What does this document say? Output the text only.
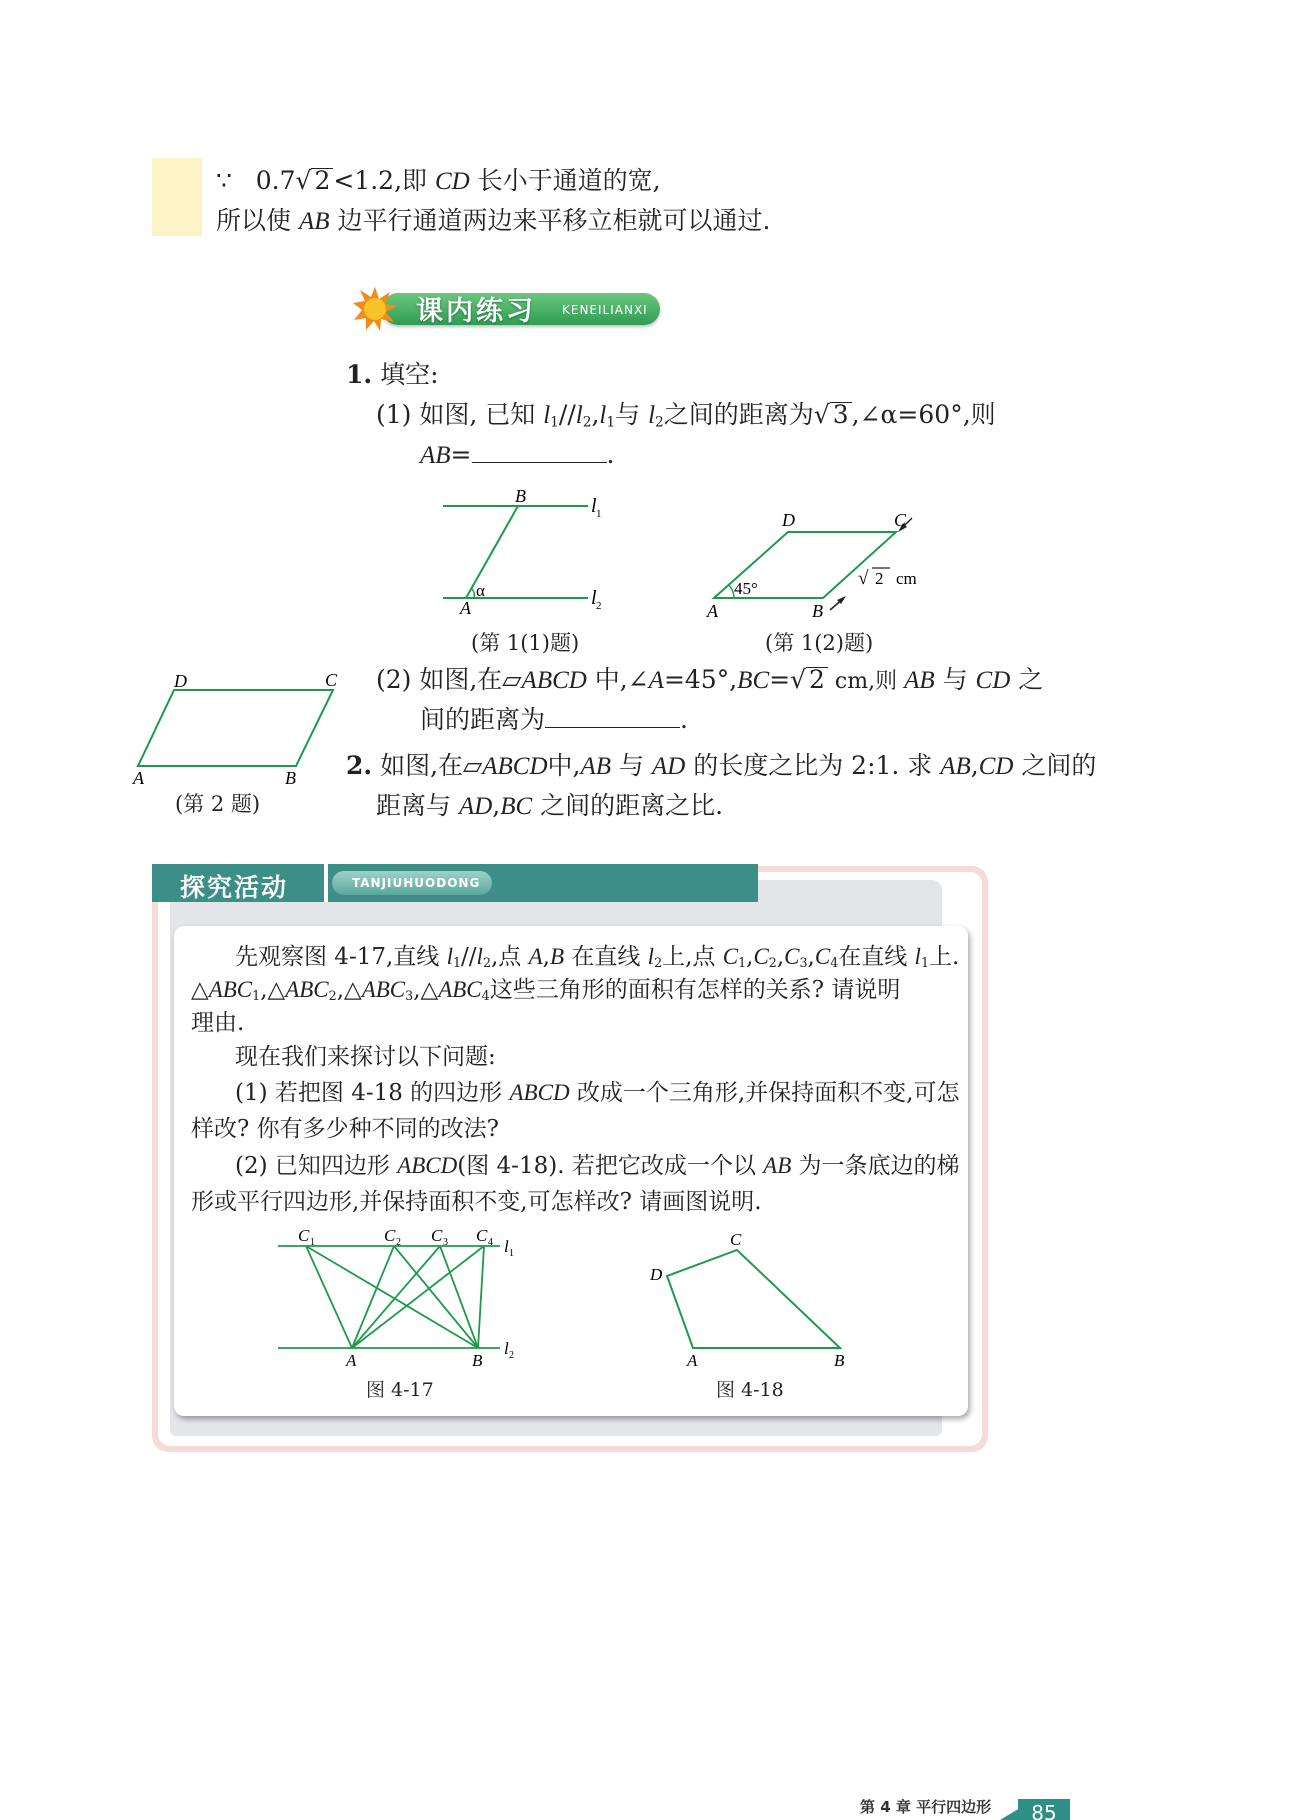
∵ 0.7√ 2 <1.2,即 CD 长小于通道的宽,
所以使 AB 边平行通道两边来平移立柜就可以通过.
课内练习 KENEILIANXI
1. 填空:
(1) 如图, 已知 $l_1//l_2,l_1$与 $l_2$之间的距离为√ 3 ,∠α=60°,则
AB=	.
B
A
α
l 1
l 2
(第 1(1)题)
D	C
A	B
45°	√ 2 cm
(第 1(2)题)
D	C
A	B
(第 2 题)
(2) 如图,在▱ABCD 中,∠A=45°,BC=√ 2 cm,则 AB 与 CD 之
间的距离为	.
2. 如图,在▱ABCD中,AB 与 AD 的长度之比为 2:1. 求 AB,CD 之间的
距离与 AD,BC 之间的距离之比.
探究活动	TANJIUHUODONG
先观察图 4-17,直线 $l_1//l_2$,点 A,B 在直线 $l_2$上,点 $C_1,C_2,C_3,C_4$在直线 $l_1$上.
$\triangle ABC_1,\triangle ABC_2,\triangle ABC_3,\triangle ABC_4$这些三角形的面积有怎样的关系? 请说明
理由.
现在我们来探讨以下问题:
(1) 若把图 4-18 的四边形 ABCD 改成一个三角形,并保持面积不变,可怎
样改? 你有多少种不同的改法?
(2) 已知四边形 ABCD(图 4-18). 若把它改成一个以 AB 为一条底边的梯
形或平行四边形,并保持面积不变,可怎样改? 请画图说明.
C 1	C 2 C 3 C 4 l 1
l 2
A	B
图 4-17
C
D
A	B
图 4-18
第 4 章 平行四边形	85
